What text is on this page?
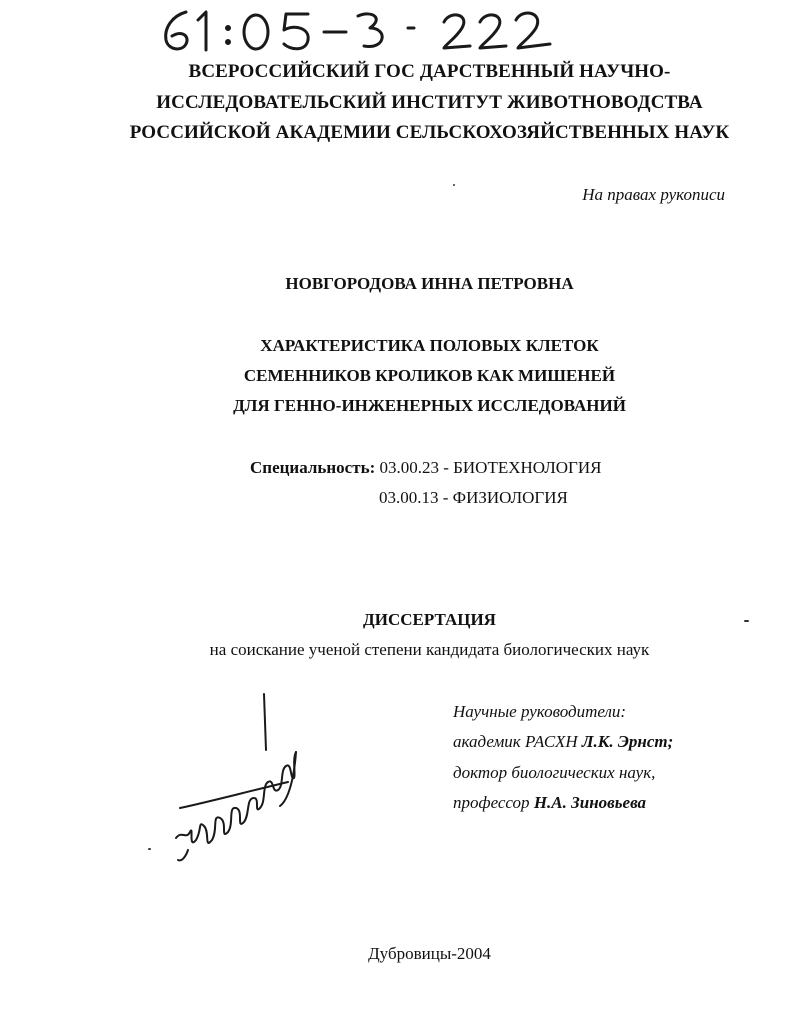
ВСЕРОССИЙСКИЙ ГОС ДАРСТВЕННЫЙ НАУЧНО-
ИССЛЕДОВАТЕЛЬСКИЙ ИНСТИТУТ ЖИВОТНОВОДСТВА
РОССИЙСКОЙ АКАДЕМИИ СЕЛЬСКОХОЗЯЙСТВЕННЫХ НАУК
На правах рукописи
НОВГОРОДОВА ИННА ПЕТРОВНА
ХАРАКТЕРИСТИКА ПОЛОВЫХ КЛЕТОК
СЕМЕННИКОВ КРОЛИКОВ КАК МИШЕНЕЙ
ДЛЯ ГЕННО-ИНЖЕНЕРНЫХ ИССЛЕДОВАНИЙ
Специальность: 03.00.23 - БИОТЕХНОЛОГИЯ
03.00.13 - ФИЗИОЛОГИЯ
ДИССЕРТАЦИЯ
на соискание ученой степени кандидата биологических наук
Научные руководители:
академик РАСХН Л.К. Эрнст;
доктор биологических наук,
профессор Н.А. Зиновьева
Дубровицы-2004
